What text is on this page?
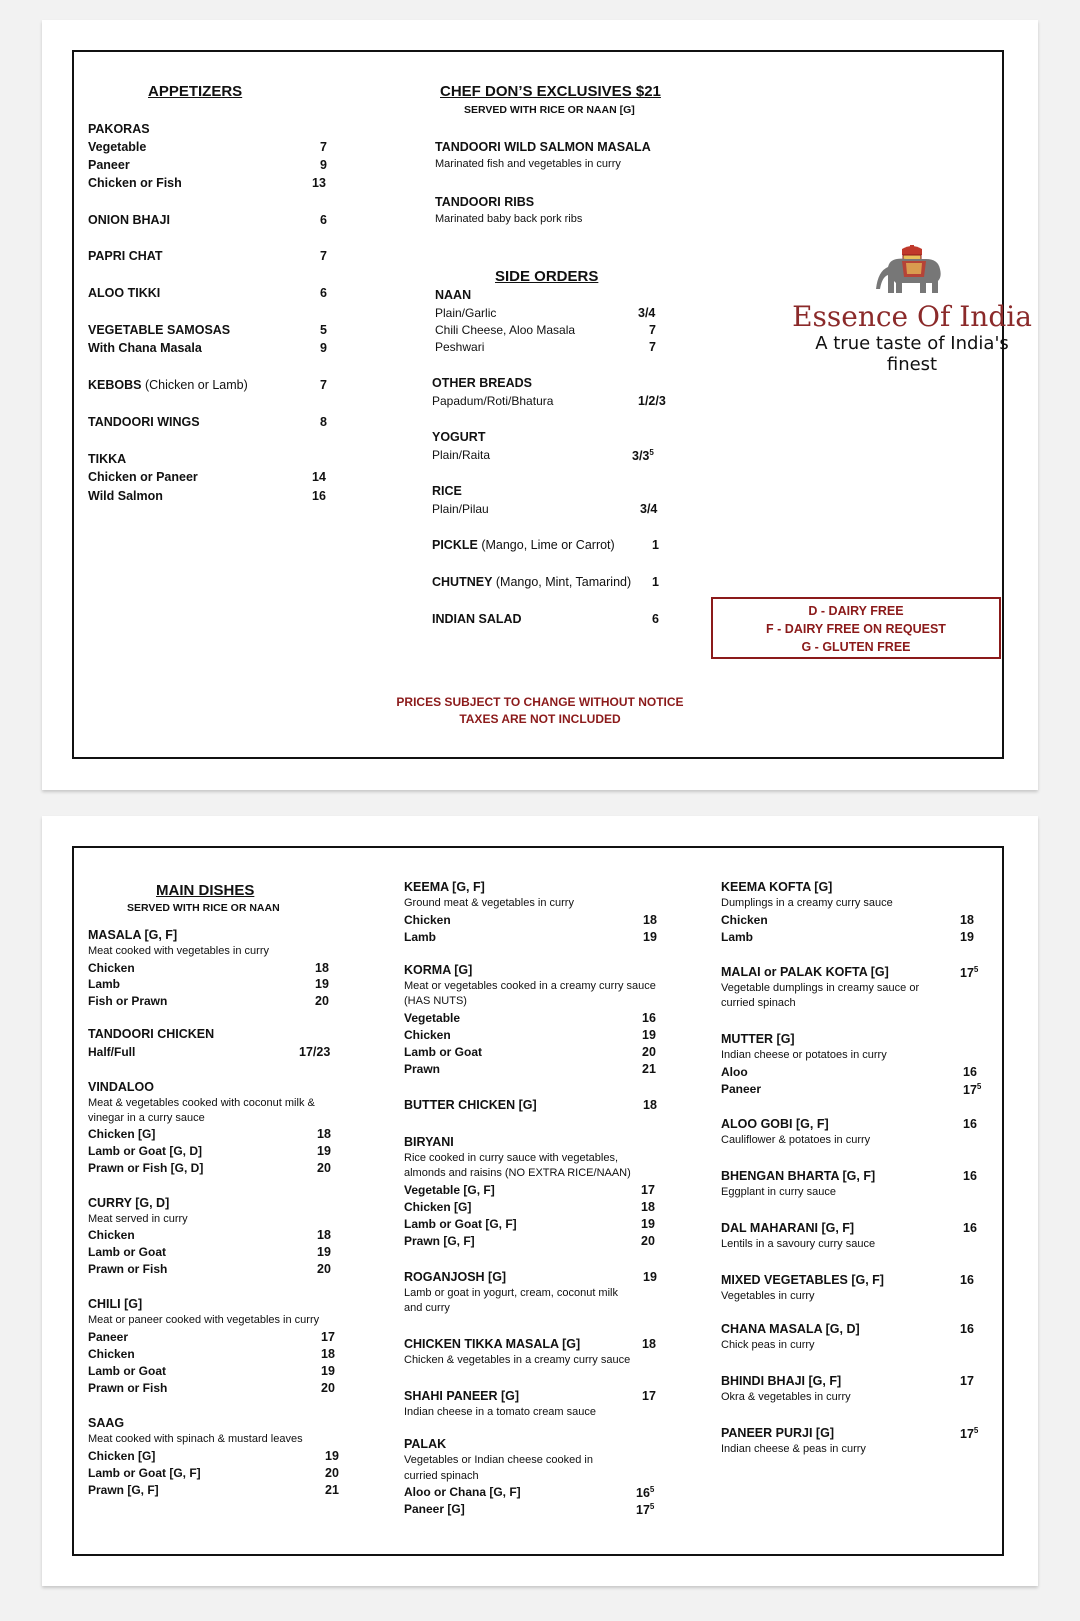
APPETIZERS
PAKORAS
Vegetable	7
Paneer	9
Chicken or Fish	13
ONION BHAJI	6
PAPRI CHAT	7
ALOO TIKKI	6
VEGETABLE SAMOSAS	5
With Chana Masala	9
KEBOBS (Chicken or Lamb)	7
TANDOORI WINGS	8
TIKKA
Chicken or Paneer	14
Wild Salmon	16
CHEF DON’S EXCLUSIVES $21
SERVED WITH RICE OR NAAN [G]
TANDOORI WILD SALMON MASALA
Marinated fish and vegetables in curry
TANDOORI RIBS
Marinated baby back pork ribs
SIDE ORDERS
NAAN
Plain/Garlic	3/4
Chili Cheese, Aloo Masala	7
Peshwari	7
OTHER BREADS
Papadum/Roti/Bhatura	1/2/3
YOGURT
Plain/Raita	$3/3^5$
RICE
Plain/Pilau	3/4
PICKLE (Mango, Lime or Carrot)	1
CHUTNEY (Mango, Mint, Tamarind) 1
INDIAN SALAD	6
Essence Of India
A true taste of India's finest
D - DAIRY FREE
F - DAIRY FREE ON REQUEST
G - GLUTEN FREE
PRICES SUBJECT TO CHANGE WITHOUT NOTICE
TAXES ARE NOT INCLUDED
MAIN DISHES
SERVED WITH RICE OR NAAN
MASALA [G, F]
Meat cooked with vegetables in curry
Chicken	18
Lamb	19
Fish or Prawn	20
TANDOORI CHICKEN
Half/Full	17/23
VINDALOO
Meat & vegetables cooked with coconut milk &
vinegar in a curry sauce
Chicken [G]	18
Lamb or Goat [G, D]	19
Prawn or Fish [G, D]	20
CURRY [G, D]
Meat served in curry
Chicken	18
Lamb or Goat	19
Prawn or Fish	20
CHILI [G]
Meat or paneer cooked with vegetables in curry
Paneer	17
Chicken	18
Lamb or Goat	19
Prawn or Fish	20
SAAG
Meat cooked with spinach & mustard leaves
Chicken [G]	19
Lamb or Goat [G, F]	20
Prawn [G, F]	21
KEEMA [G, F]
Ground meat & vegetables in curry
Chicken	18
Lamb	19
KORMA [G]
Meat or vegetables cooked in a creamy curry sauce
(HAS NUTS)
Vegetable	16
Chicken	19
Lamb or Goat	20
Prawn	21
BUTTER CHICKEN [G]	18
BIRYANI
Rice cooked in curry sauce with vegetables,
almonds and raisins (NO EXTRA RICE/NAAN)
Vegetable [G, F]	17
Chicken [G]	18
Lamb or Goat [G, F]	19
Prawn [G, F]	20
ROGANJOSH [G]	19
Lamb or goat in yogurt, cream, coconut milk
and curry
CHICKEN TIKKA MASALA [G]	18
Chicken & vegetables in a creamy curry sauce
SHAHI PANEER [G]	17
Indian cheese in a tomato cream sauce
PALAK
Vegetables or Indian cheese cooked in
curried spinach
Aloo or Chana [G, F]	$16^5$
Paneer [G]	$17^5$
KEEMA KOFTA [G]
Dumplings in a creamy curry sauce
Chicken	18
Lamb	19
MALAI or PALAK KOFTA [G]	$17^5$
Vegetable dumplings in creamy sauce or
curried spinach
MUTTER [G]
Indian cheese or potatoes in curry
Aloo	16
Paneer	$17^5$
ALOO GOBI [G, F]	16
Cauliflower & potatoes in curry
BHENGAN BHARTA [G, F]	16
Eggplant in curry sauce
DAL MAHARANI [G, F]	16
Lentils in a savoury curry sauce
MIXED VEGETABLES [G, F]	16
Vegetables in curry
CHANA MASALA [G, D]	16
Chick peas in curry
BHINDI BHAJI [G, F]	17
Okra & vegetables in curry
PANEER PURJI [G]	$17^5$
Indian cheese & peas in curry
